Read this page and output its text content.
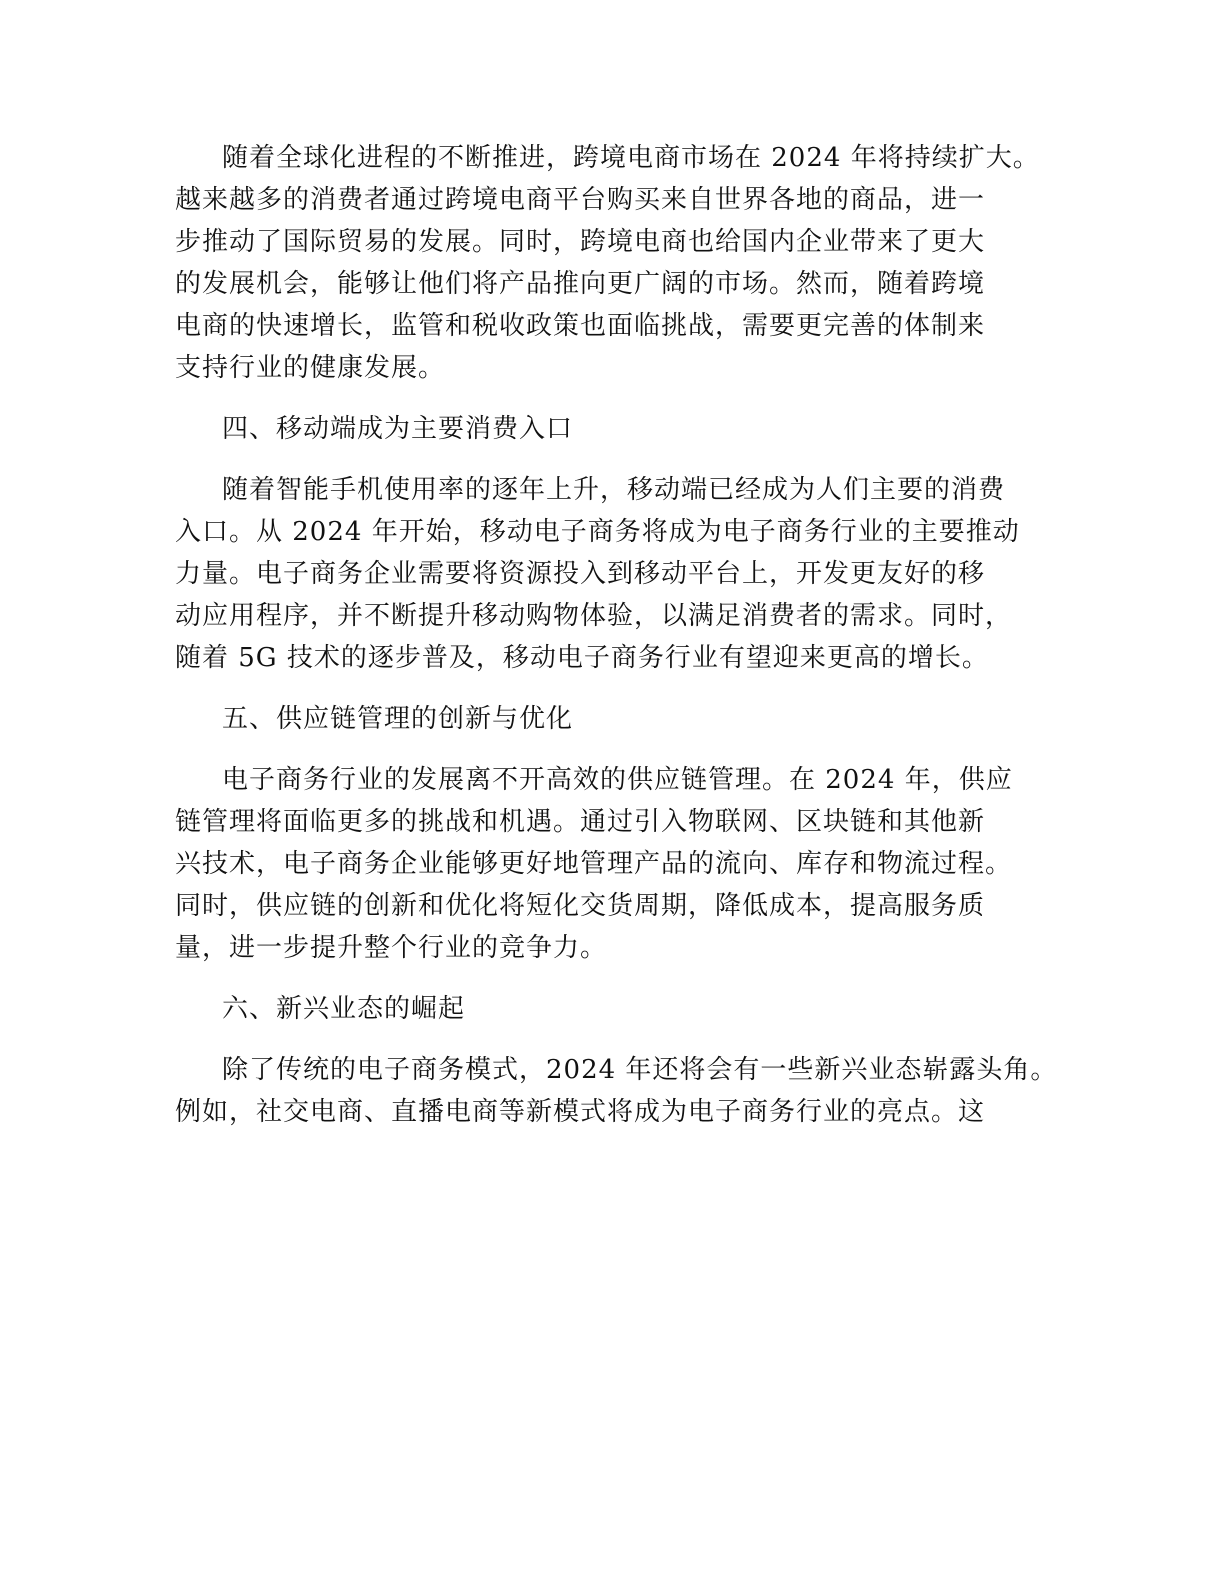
随着全球化进程的不断推进，跨境电商市场在 2024 年将持续扩大。
越来越多的消费者通过跨境电商平台购买来自世界各地的商品，进一
步推动了国际贸易的发展。同时，跨境电商也给国内企业带来了更大
的发展机会，能够让他们将产品推向更广阔的市场。然而，随着跨境
电商的快速增长，监管和税收政策也面临挑战，需要更完善的体制来
支持行业的健康发展。
四、移动端成为主要消费入口
随着智能手机使用率的逐年上升，移动端已经成为人们主要的消费
入口。从 2024 年开始，移动电子商务将成为电子商务行业的主要推动
力量。电子商务企业需要将资源投入到移动平台上，开发更友好的移
动应用程序，并不断提升移动购物体验，以满足消费者的需求。同时，
随着 5G 技术的逐步普及，移动电子商务行业有望迎来更高的增长。
五、供应链管理的创新与优化
电子商务行业的发展离不开高效的供应链管理。在 2024 年，供应
链管理将面临更多的挑战和机遇。通过引入物联网、区块链和其他新
兴技术，电子商务企业能够更好地管理产品的流向、库存和物流过程。
同时，供应链的创新和优化将短化交货周期，降低成本，提高服务质
量，进一步提升整个行业的竞争力。
六、新兴业态的崛起
除了传统的电子商务模式，2024 年还将会有一些新兴业态崭露头角。
例如，社交电商、直播电商等新模式将成为电子商务行业的亮点。这
